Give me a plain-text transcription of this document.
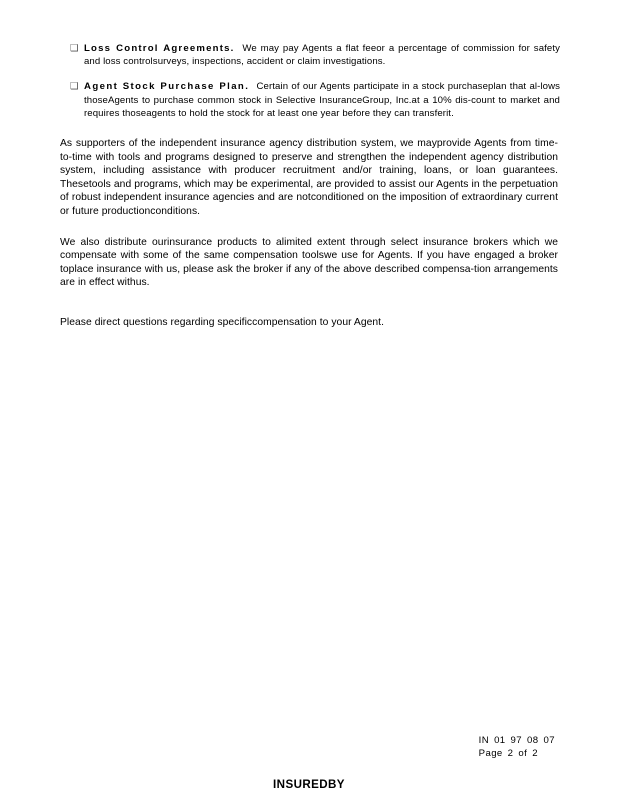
❑ Loss Control Agreements. We may pay Agents a flat feeor a percentage of commission for safety and loss controlsurveys, inspections, accident or claim investigations.
❑ Agent Stock Purchase Plan. Certain of our Agents participate in a stock purchaseplan that al-lows thoseAgents to purchase common stock in Selective InsuranceGroup, Inc.at a 10% dis-count to market and requires thoseagents to hold the stock for at least one year before they can transferit.

As supporters of the independent insurance agency distribution system, we mayprovide Agents from time-to-time with tools and programs designed to preserve and strengthen the independent agency distribution system, including assistance with producer recruitment and/or training, loans, or loan guarantees. Thesetools and programs, which may be experimental, are provided to assist our Agents in the perpetuation of robust independent insurance agencies and are notconditioned on the imposition of extraordinary current or future productionconditions.

We also distribute ourinsurance products to alimited extent through select insurance brokers which we compensate with some of the same compensation toolswe use for Agents. If you have engaged a broker toplace insurance with us, please ask the broker if any of the above described compensa-tion arrangements are in effect withus.

Please direct questions regarding specificcompensation to your Agent.

IN 01 97 08 07
Page 2 of 2
INSUREDBY
